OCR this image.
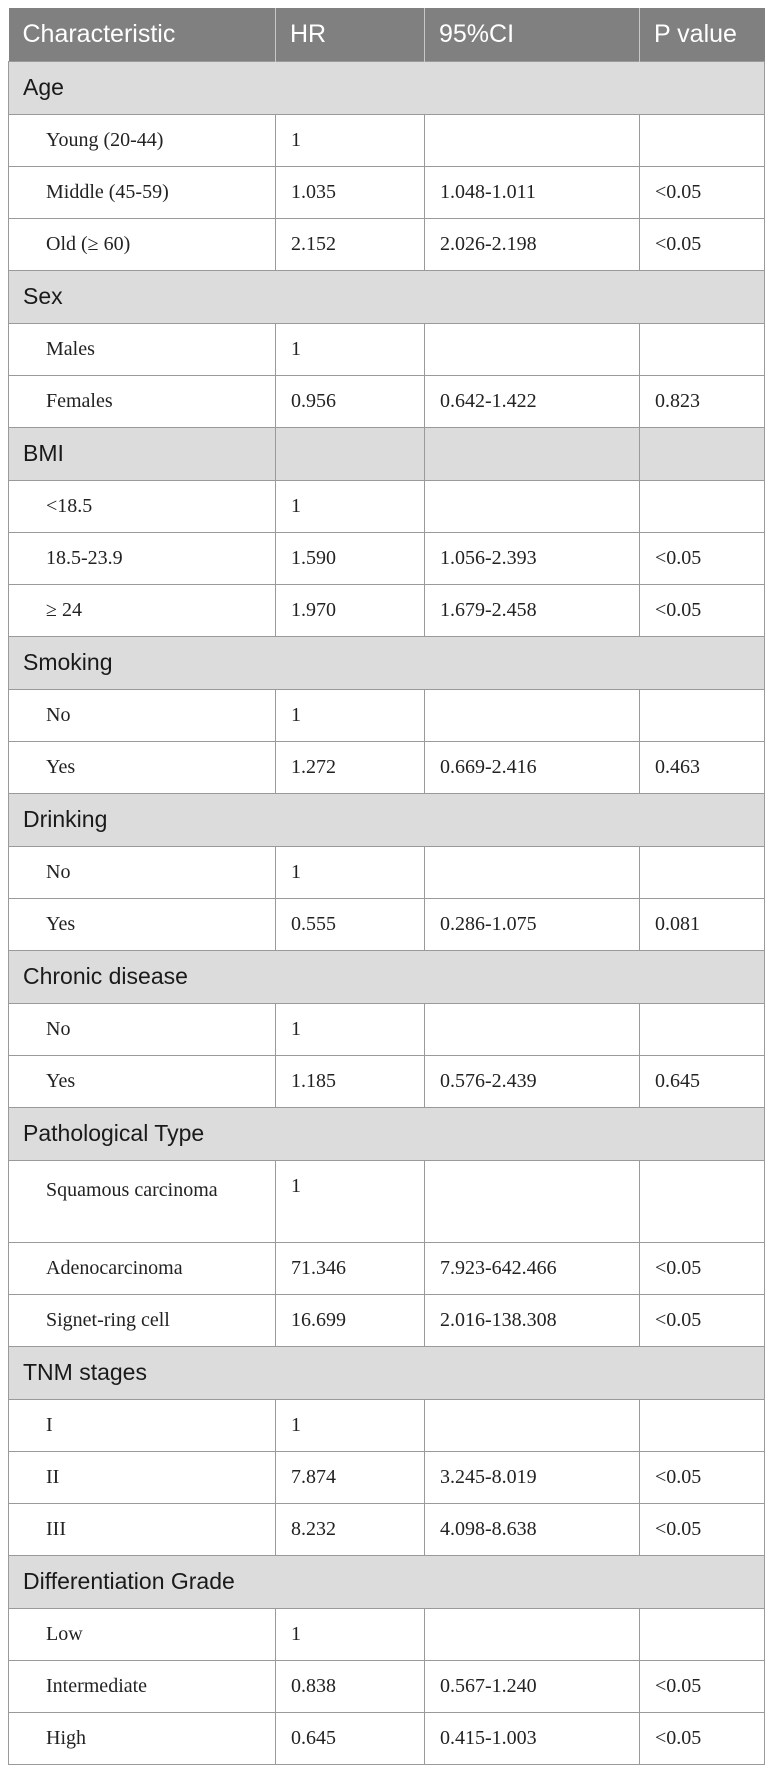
Characteristic	HR	95%CI	P value
Age			
Young (20-44)	1		
Middle (45-59)	1.035	1.048-1.011	<0.05
Old (≥ 60)	2.152	2.026-2.198	<0.05
Sex			
Males	1		
Females	0.956	0.642-1.422	0.823
BMI			
<18.5	1		
18.5-23.9	1.590	1.056-2.393	<0.05
≥ 24	1.970	1.679-2.458	<0.05
Smoking			
No	1		
Yes	1.272	0.669-2.416	0.463
Drinking			
No	1		
Yes	0.555	0.286-1.075	0.081
Chronic disease			
No	1		
Yes	1.185	0.576-2.439	0.645
Pathological Type			
Squamous carcinoma	1		
Adenocarcinoma	71.346	7.923-642.466	<0.05
Signet-ring cell	16.699	2.016-138.308	<0.05
TNM stages			
I	1		
II	7.874	3.245-8.019	<0.05
III	8.232	4.098-8.638	<0.05
Differentiation Grade			
Low	1		
Intermediate	0.838	0.567-1.240	<0.05
High	0.645	0.415-1.003	<0.05
